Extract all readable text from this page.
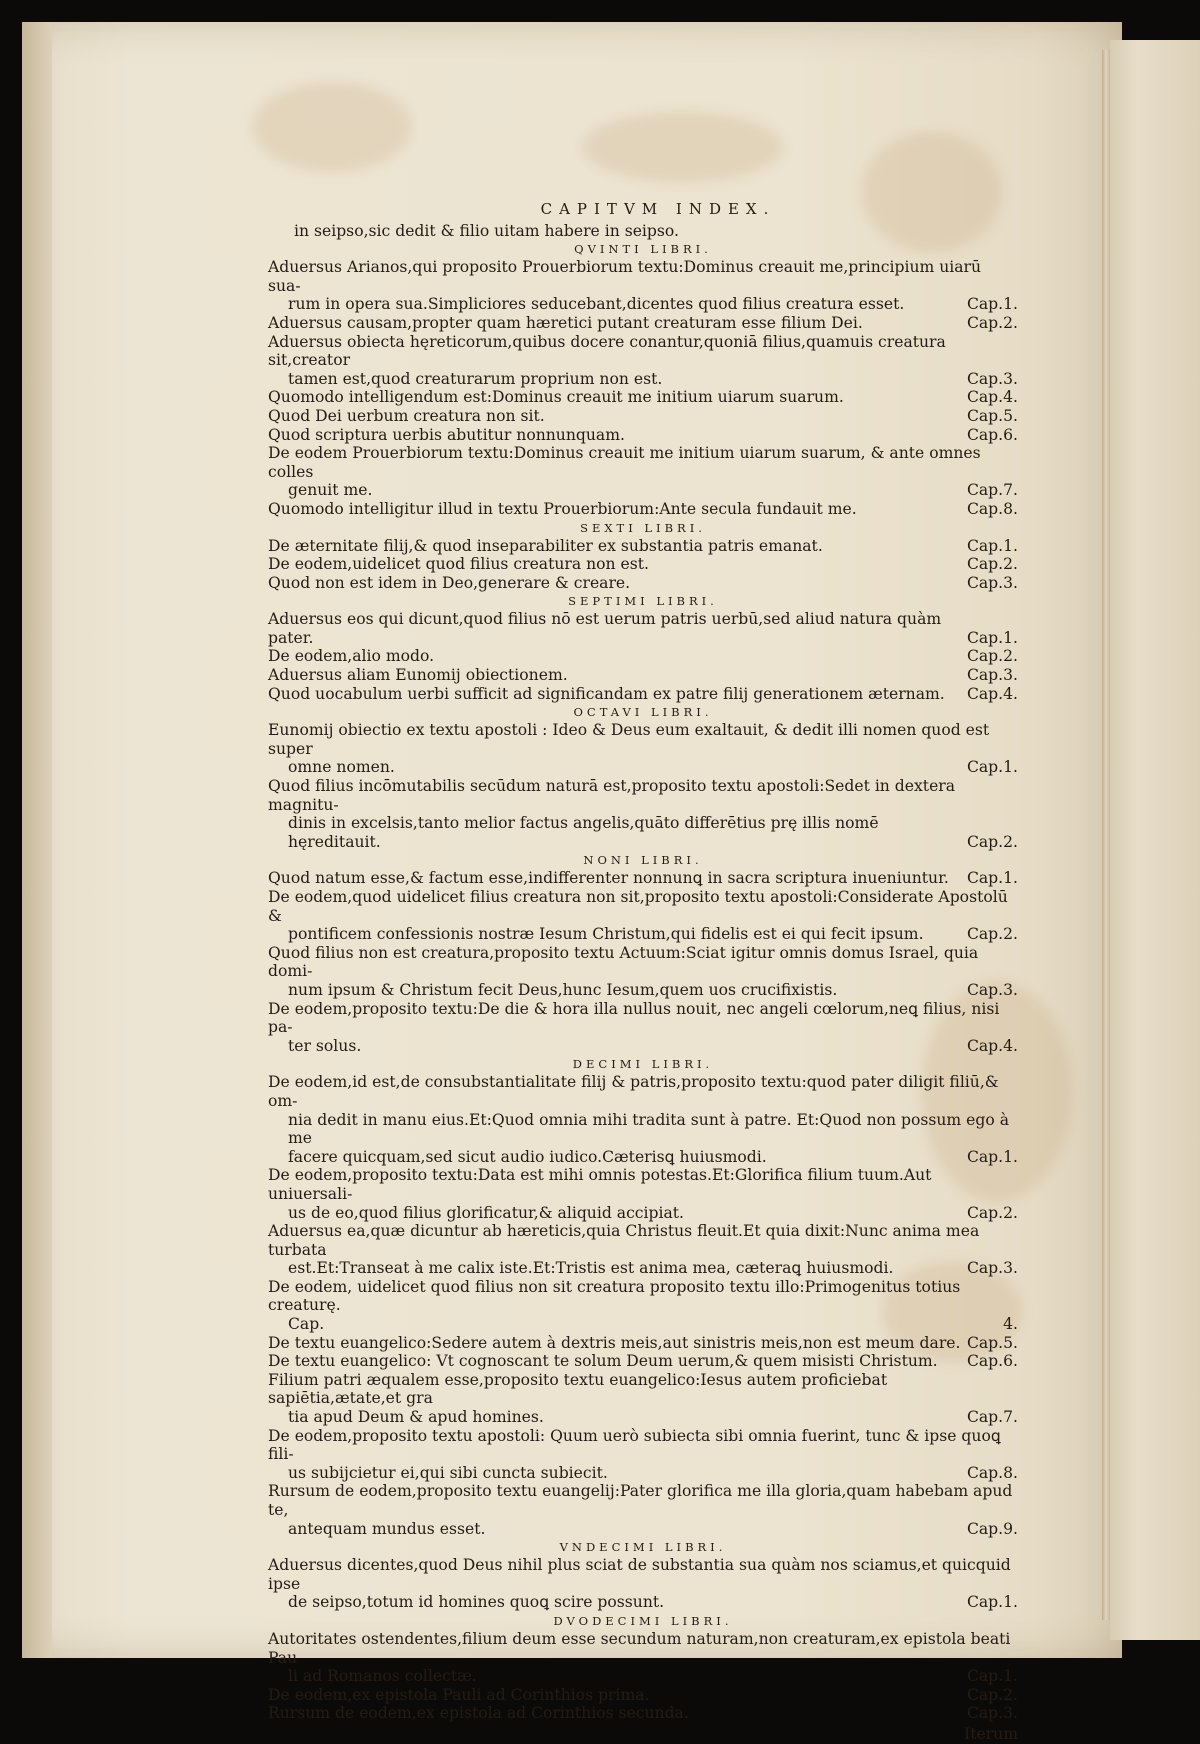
CAPITVM INDEX.
in seipso,sic dedit & filio uitam habere in seipso.
QVINTI LIBRI.
Aduersus Arianos,qui proposito Prouerbiorum textu:Dominus creauit me,principium uiarū sua-
rum in opera sua.Simpliciores seducebant,dicentes quod filius creatura esset.	Cap.1.
Aduersus causam,propter quam hæretici putant creaturam esse filium Dei.	Cap.2.
Aduersus obiecta hęreticorum,quibus docere conantur,quoniā filius,quamuis creatura sit,creator
tamen est,quod creaturarum proprium non est.	Cap.3.
Quomodo intelligendum est:Dominus creauit me initium uiarum suarum.	Cap.4.
Quod Dei uerbum creatura non sit.	Cap.5.
Quod scriptura uerbis abutitur nonnunquam.	Cap.6.
De eodem Prouerbiorum textu:Dominus creauit me initium uiarum suarum, & ante omnes colles
genuit me.	Cap.7.
Quomodo intelligitur illud in textu Prouerbiorum:Ante secula fundauit me.	Cap.8.
SEXTI LIBRI.
De æternitate filij,& quod inseparabiliter ex substantia patris emanat.	Cap.1.
De eodem,uidelicet quod filius creatura non est.	Cap.2.
Quod non est idem in Deo,generare & creare.	Cap.3.
SEPTIMI LIBRI.
Aduersus eos qui dicunt,quod filius nō est uerum patris uerbū,sed aliud natura quàm pater.	Cap.1.
De eodem,alio modo.	Cap.2.
Aduersus aliam Eunomij obiectionem.	Cap.3.
Quod uocabulum uerbi sufficit ad significandam ex patre filij generationem æternam.	Cap.4.
OCTAVI LIBRI.
Eunomij obiectio ex textu apostoli : Ideo & Deus eum exaltauit, & dedit illi nomen quod est super
omne nomen.	Cap.1.
Quod filius incōmutabilis secūdum naturā est,proposito textu apostoli:Sedet in dextera magnitu-
dinis in excelsis,tanto melior factus angelis,quāto differētius prę illis nomē hęreditauit.	Cap.2.
NONI LIBRI.
Quod natum esse,& factum esse,indifferenter nonnunꝗ in sacra scriptura inueniuntur.	Cap.1.
De eodem,quod uidelicet filius creatura non sit,proposito textu apostoli:Considerate Apostolū &
pontificem confessionis nostræ Iesum Christum,qui fidelis est ei qui fecit ipsum.	Cap.2.
Quod filius non est creatura,proposito textu Actuum:Sciat igitur omnis domus Israel, quia domi-
num ipsum & Christum fecit Deus,hunc Iesum,quem uos crucifixistis.	Cap.3.
De eodem,proposito textu:De die & hora illa nullus nouit, nec angeli cœlorum,neꝗ filius, nisi pa-
ter solus.	Cap.4.
DECIMI LIBRI.
De eodem,id est,de consubstantialitate filij & patris,proposito textu:quod pater diligit filiū,& om-
nia dedit in manu eius.Et:Quod omnia mihi tradita sunt à patre. Et:Quod non possum ego à me
facere quicquam,sed sicut audio iudico.Cæterisꝗ huiusmodi.	Cap.1.
De eodem,proposito textu:Data est mihi omnis potestas.Et:Glorifica filium tuum.Aut uniuersali-
us de eo,quod filius glorificatur,& aliquid accipiat.	Cap.2.
Aduersus ea,quæ dicuntur ab hæreticis,quia Christus fleuit.Et quia dixit:Nunc anima mea turbata
est.Et:Transeat à me calix iste.Et:Tristis est anima mea, cæteraꝗ huiusmodi.	Cap.3.
De eodem, uidelicet quod filius non sit creatura proposito textu illo:Primogenitus totius creaturę.
Cap.	4.
De textu euangelico:Sedere autem à dextris meis,aut sinistris meis,non est meum dare. Cap.5.
De textu euangelico: Vt cognoscant te solum Deum uerum,& quem misisti Christum.	Cap.6.
Filium patri æqualem esse,proposito textu euangelico:Iesus autem proficiebat sapiētia,ætate,et gra
tia apud Deum & apud homines.	Cap.7.
De eodem,proposito textu apostoli: Quum uerò subiecta sibi omnia fuerint, tunc & ipse quoꝗ fili-
us subijcietur ei,qui sibi cuncta subiecit.	Cap.8.
Rursum de eodem,proposito textu euangelij:Pater glorifica me illa gloria,quam habebam apud te,
antequam mundus esset.	Cap.9.
VNDECIMI LIBRI.
Aduersus dicentes,quod Deus nihil plus sciat de substantia sua quàm nos sciamus,et quicquid ipse
de seipso,totum id homines quoꝗ scire possunt.	Cap.1.
DVODECIMI LIBRI.
Autoritates ostendentes,filium deum esse secundum naturam,non creaturam,ex epistola beati Pau
li ad Romanos collectæ.	Cap.1.
De eodem,ex epistola Pauli ad Corinthios prima.	Cap.2.
Rursum de eodem,ex epistola ad Corinthios secunda.	Cap.3.
Iterum
